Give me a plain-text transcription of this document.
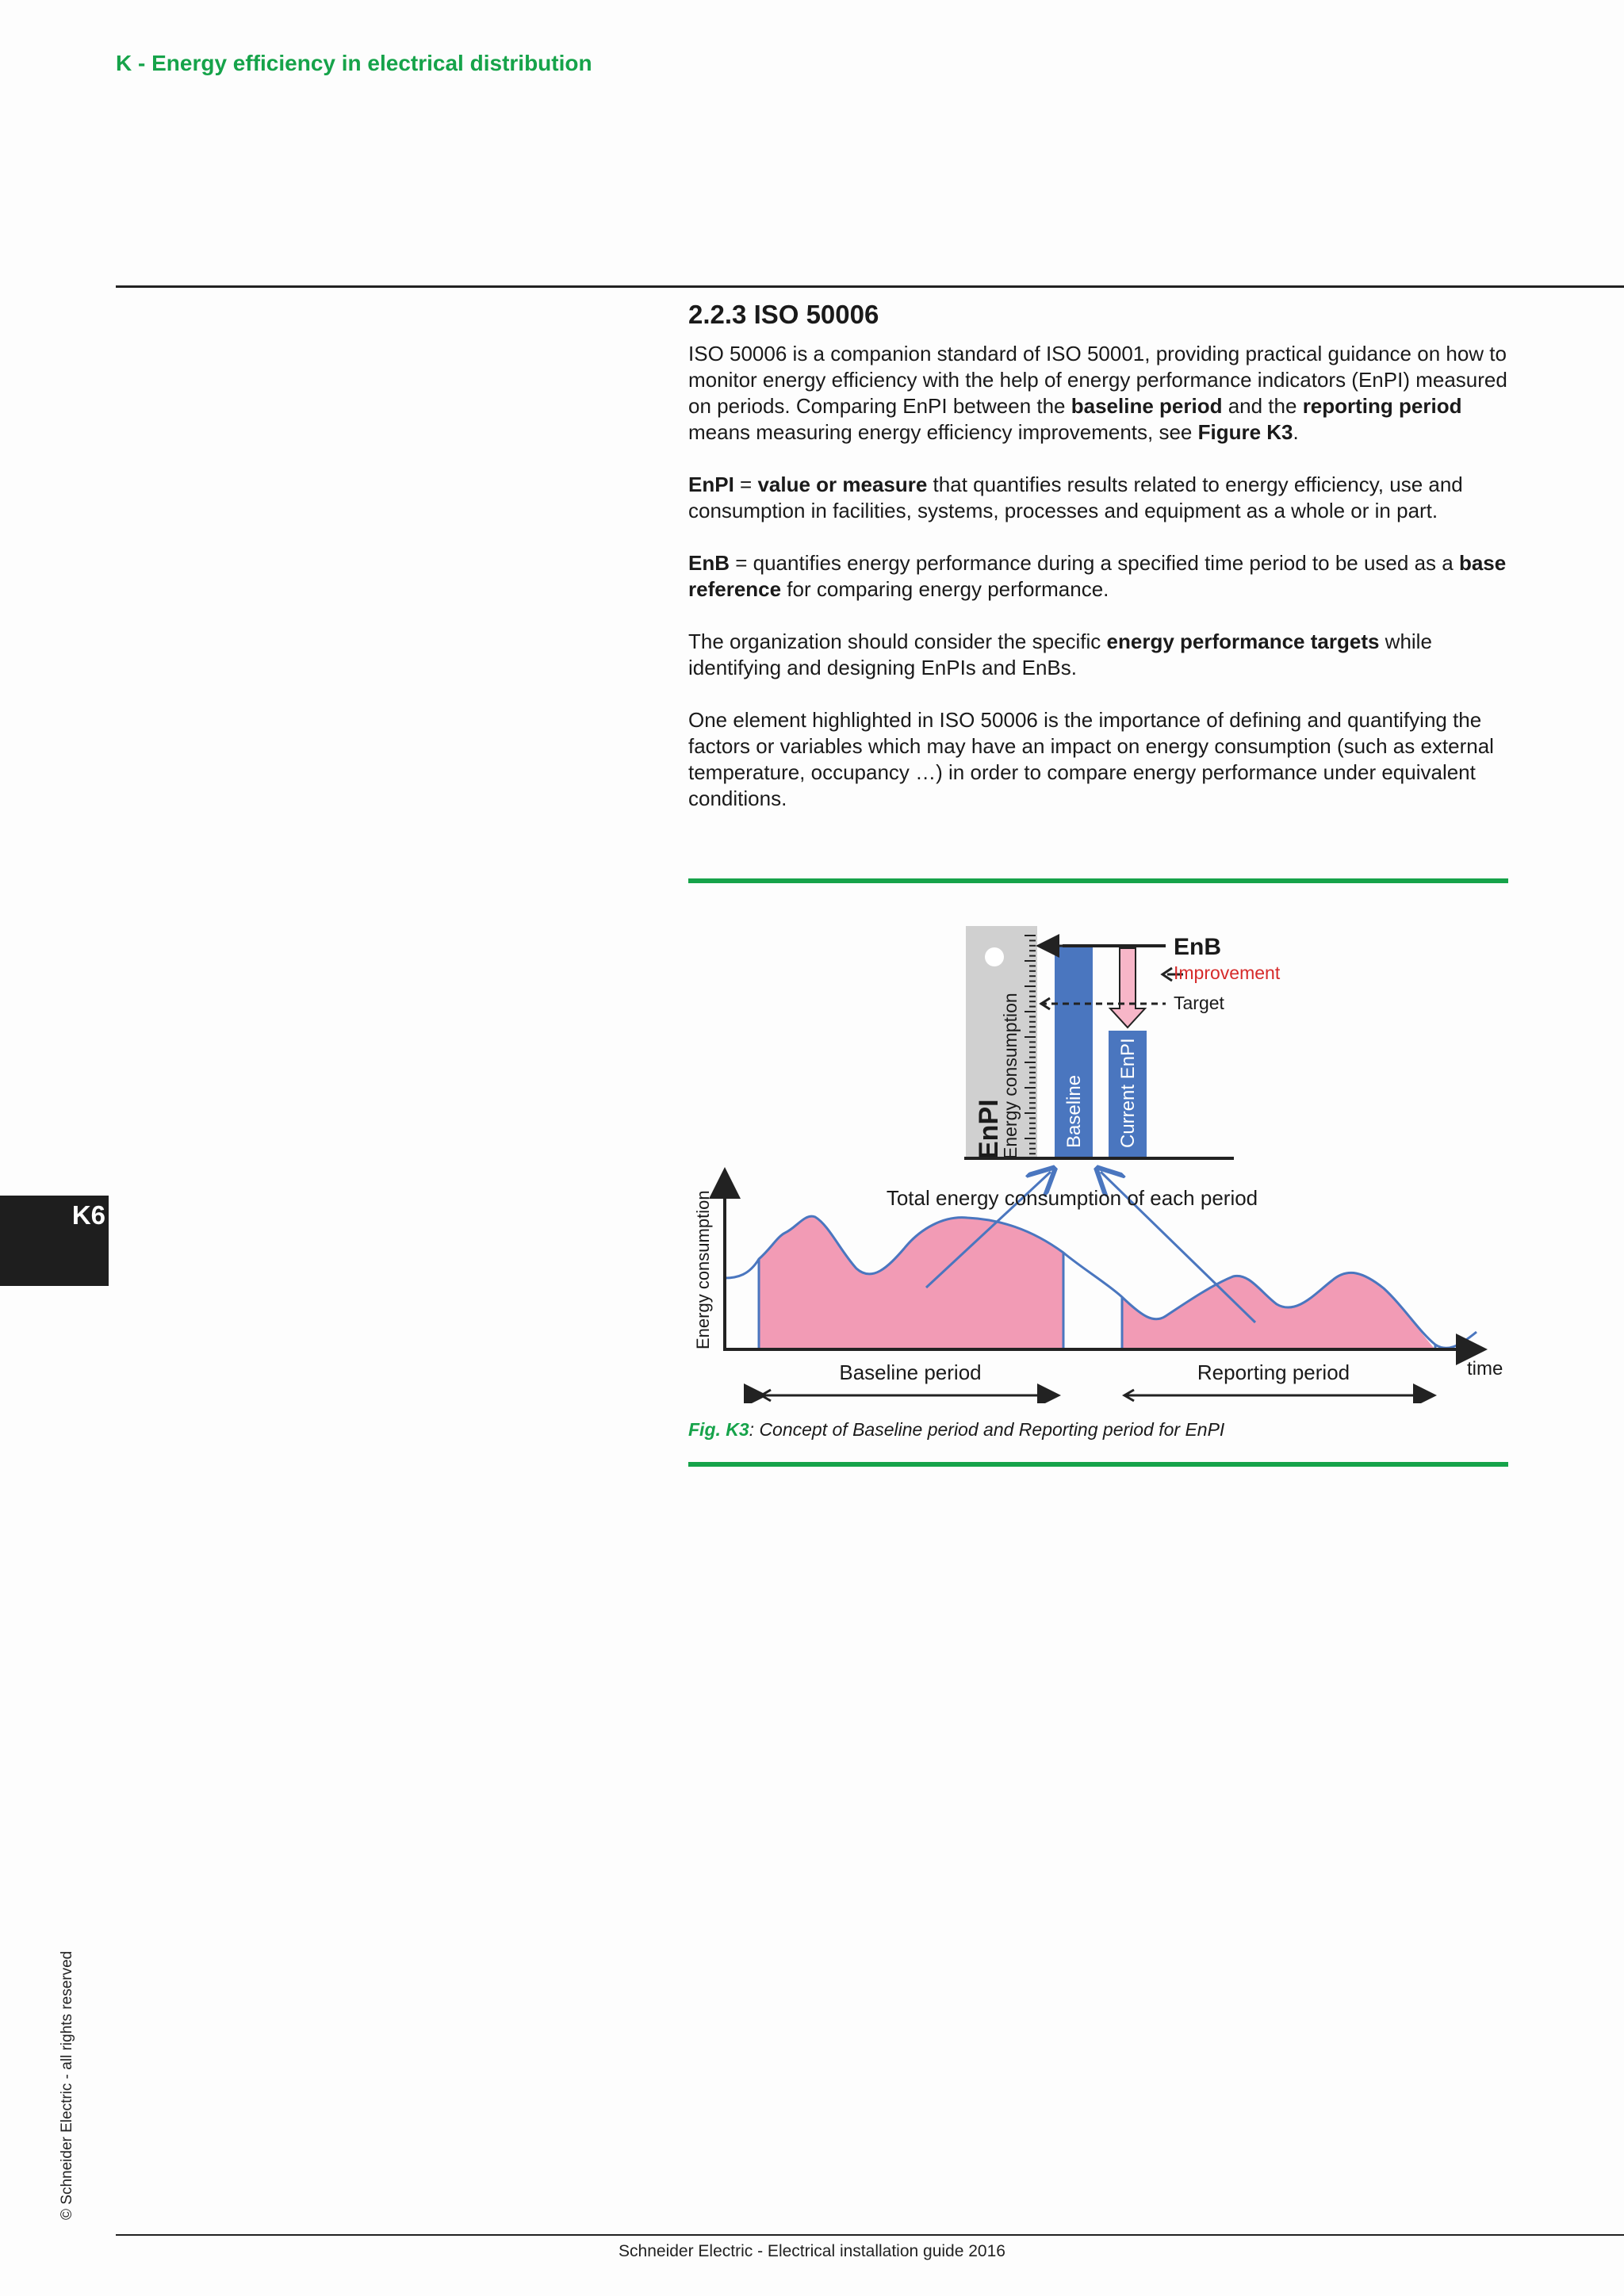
K - Energy efficiency in electrical distribution
2.2.3 ISO 50006

ISO 50006 is a companion standard of ISO 50001, providing practical guidance on how to monitor energy efficiency with the help of energy performance indicators (EnPI) measured on periods. Comparing EnPI between the baseline period and the reporting period means measuring energy efficiency improvements, see Figure K3.

EnPI = value or measure that quantifies results related to energy efficiency, use and consumption in facilities, systems, processes and equipment as a whole or in part.

EnB = quantifies energy performance during a specified time period to be used as a base reference for comparing energy performance.

The organization should consider the specific energy performance targets while identifying and designing EnPIs and EnBs.

One element highlighted in ISO 50006 is the importance of defining and quantifying the factors or variables which may have an impact on energy consumption (such as external temperature, occupancy …) in order to compare energy performance under equivalent conditions.

EnPI
Energy consumption Baseline Current EnPI
EnB
Improvement
Target
Energy consumption
time
Total energy consumption of each period
Baseline period	Reporting period

Fig. K3: Concept of Baseline period and Reporting period for EnPI

K6
© Schneider Electric - all rights reserved
Schneider Electric - Electrical installation guide 2016
